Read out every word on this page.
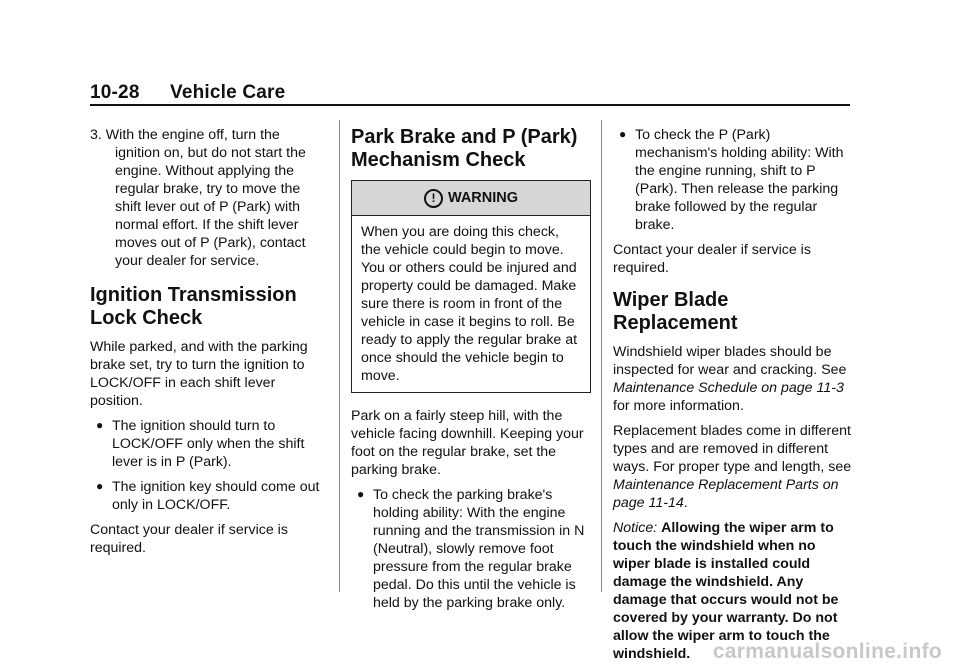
10-28 Vehicle Care

3. With the engine off, turn the ignition on, but do not start the engine. Without applying the regular brake, try to move the shift lever out of P (Park) with normal effort. If the shift lever moves out of P (Park), contact your dealer for service.

Ignition Transmission Lock Check

While parked, and with the parking brake set, try to turn the ignition to LOCK/OFF in each shift lever position.

● The ignition should turn to LOCK/OFF only when the shift lever is in P (Park).
● The ignition key should come out only in LOCK/OFF.

Contact your dealer if service is required.

Park Brake and P (Park) Mechanism Check
! WARNING
When you are doing this check, the vehicle could begin to move. You or others could be injured and property could be damaged. Make sure there is room in front of the vehicle in case it begins to roll. Be ready to apply the regular brake at once should the vehicle begin to move.

Park on a fairly steep hill, with the vehicle facing downhill. Keeping your foot on the regular brake, set the parking brake.

● To check the parking brake's holding ability: With the engine running and the transmission in N (Neutral), slowly remove foot pressure from the regular brake pedal. Do this until the vehicle is held by the parking brake only.
● To check the P (Park) mechanism's holding ability: With the engine running, shift to P (Park). Then release the parking brake followed by the regular brake.

Contact your dealer if service is required.

Wiper Blade Replacement

Windshield wiper blades should be inspected for wear and cracking. See Maintenance Schedule on page 11-3 for more information.

Replacement blades come in different types and are removed in different ways. For proper type and length, see Maintenance Replacement Parts on page 11-14.

Notice: Allowing the wiper arm to touch the windshield when no wiper blade is installed could damage the windshield. Any damage that occurs would not be covered by your warranty. Do not allow the wiper arm to touch the windshield.	carmanualsonline.info
